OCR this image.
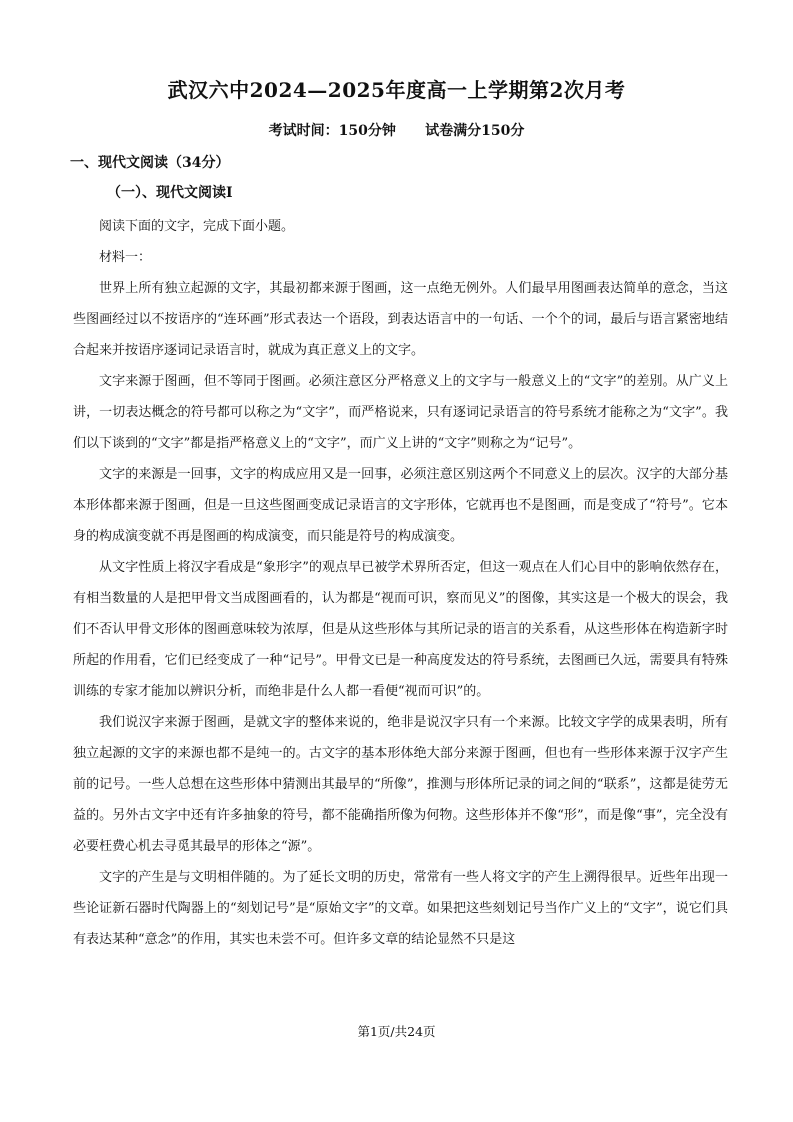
武汉六中2024—2025年度高一上学期第2次月考
考试时间：150分钟      试卷满分150分
一、现代文阅读（34分）
（一）、现代文阅读Ⅰ

阅读下面的文字，完成下面小题。

材料一：

世界上所有独立起源的文字，其最初都来源于图画，这一点绝无例外。人们最早用图画表达简单的意念，当这些图画经过以不按语序的“连环画”形式表达一个语段，到表达语言中的一句话、一个个的词，最后与语言紧密地结合起来并按语序逐词记录语言时，就成为真正意义上的文字。

文字来源于图画，但不等同于图画。必须注意区分严格意义上的文字与一般意义上的“文字”的差别。从广义上讲，一切表达概念的符号都可以称之为“文字”，而严格说来，只有逐词记录语言的符号系统才能称之为“文字”。我们以下谈到的“文字”都是指严格意义上的“文字”，而广义上讲的“文字”则称之为“记号”。

文字的来源是一回事，文字的构成应用又是一回事，必须注意区别这两个不同意义上的层次。汉字的大部分基本形体都来源于图画，但是一旦这些图画变成记录语言的文字形体，它就再也不是图画，而是变成了“符号”。它本身的构成演变就不再是图画的构成演变，而只能是符号的构成演变。

从文字性质上将汉字看成是“象形字”的观点早已被学术界所否定，但这一观点在人们心目中的影响依然存在，有相当数量的人是把甲骨文当成图画看的，认为都是“视而可识，察而见义”的图像，其实这是一个极大的误会，我们不否认甲骨文形体的图画意味较为浓厚，但是从这些形体与其所记录的语言的关系看，从这些形体在构造新字时所起的作用看，它们已经变成了一种“记号”。甲骨文已是一种高度发达的符号系统，去图画已久远，需要具有特殊训练的专家才能加以辨识分析，而绝非是什么人都一看便“视而可识”的。

我们说汉字来源于图画，是就文字的整体来说的，绝非是说汉字只有一个来源。比较文字学的成果表明，所有独立起源的文字的来源也都不是纯一的。古文字的基本形体绝大部分来源于图画，但也有一些形体来源于汉字产生前的记号。一些人总想在这些形体中猜测出其最早的“所像”，推测与形体所记录的词之间的“联系”，这都是徒劳无益的。另外古文字中还有许多抽象的符号，都不能确指所像为何物。这些形体并不像“形”，而是像“事”，完全没有必要枉费心机去寻觅其最早的形体之“源”。

文字的产生是与文明相伴随的。为了延长文明的历史，常常有一些人将文字的产生上溯得很早。近些年出现一些论证新石器时代陶器上的“刻划记号”是“原始文字”的文章。如果把这些刻划记号当作广义上的“文字”，说它们具有表达某种“意念”的作用，其实也未尝不可。但许多文章的结论显然不只是这

第1页/共24页
